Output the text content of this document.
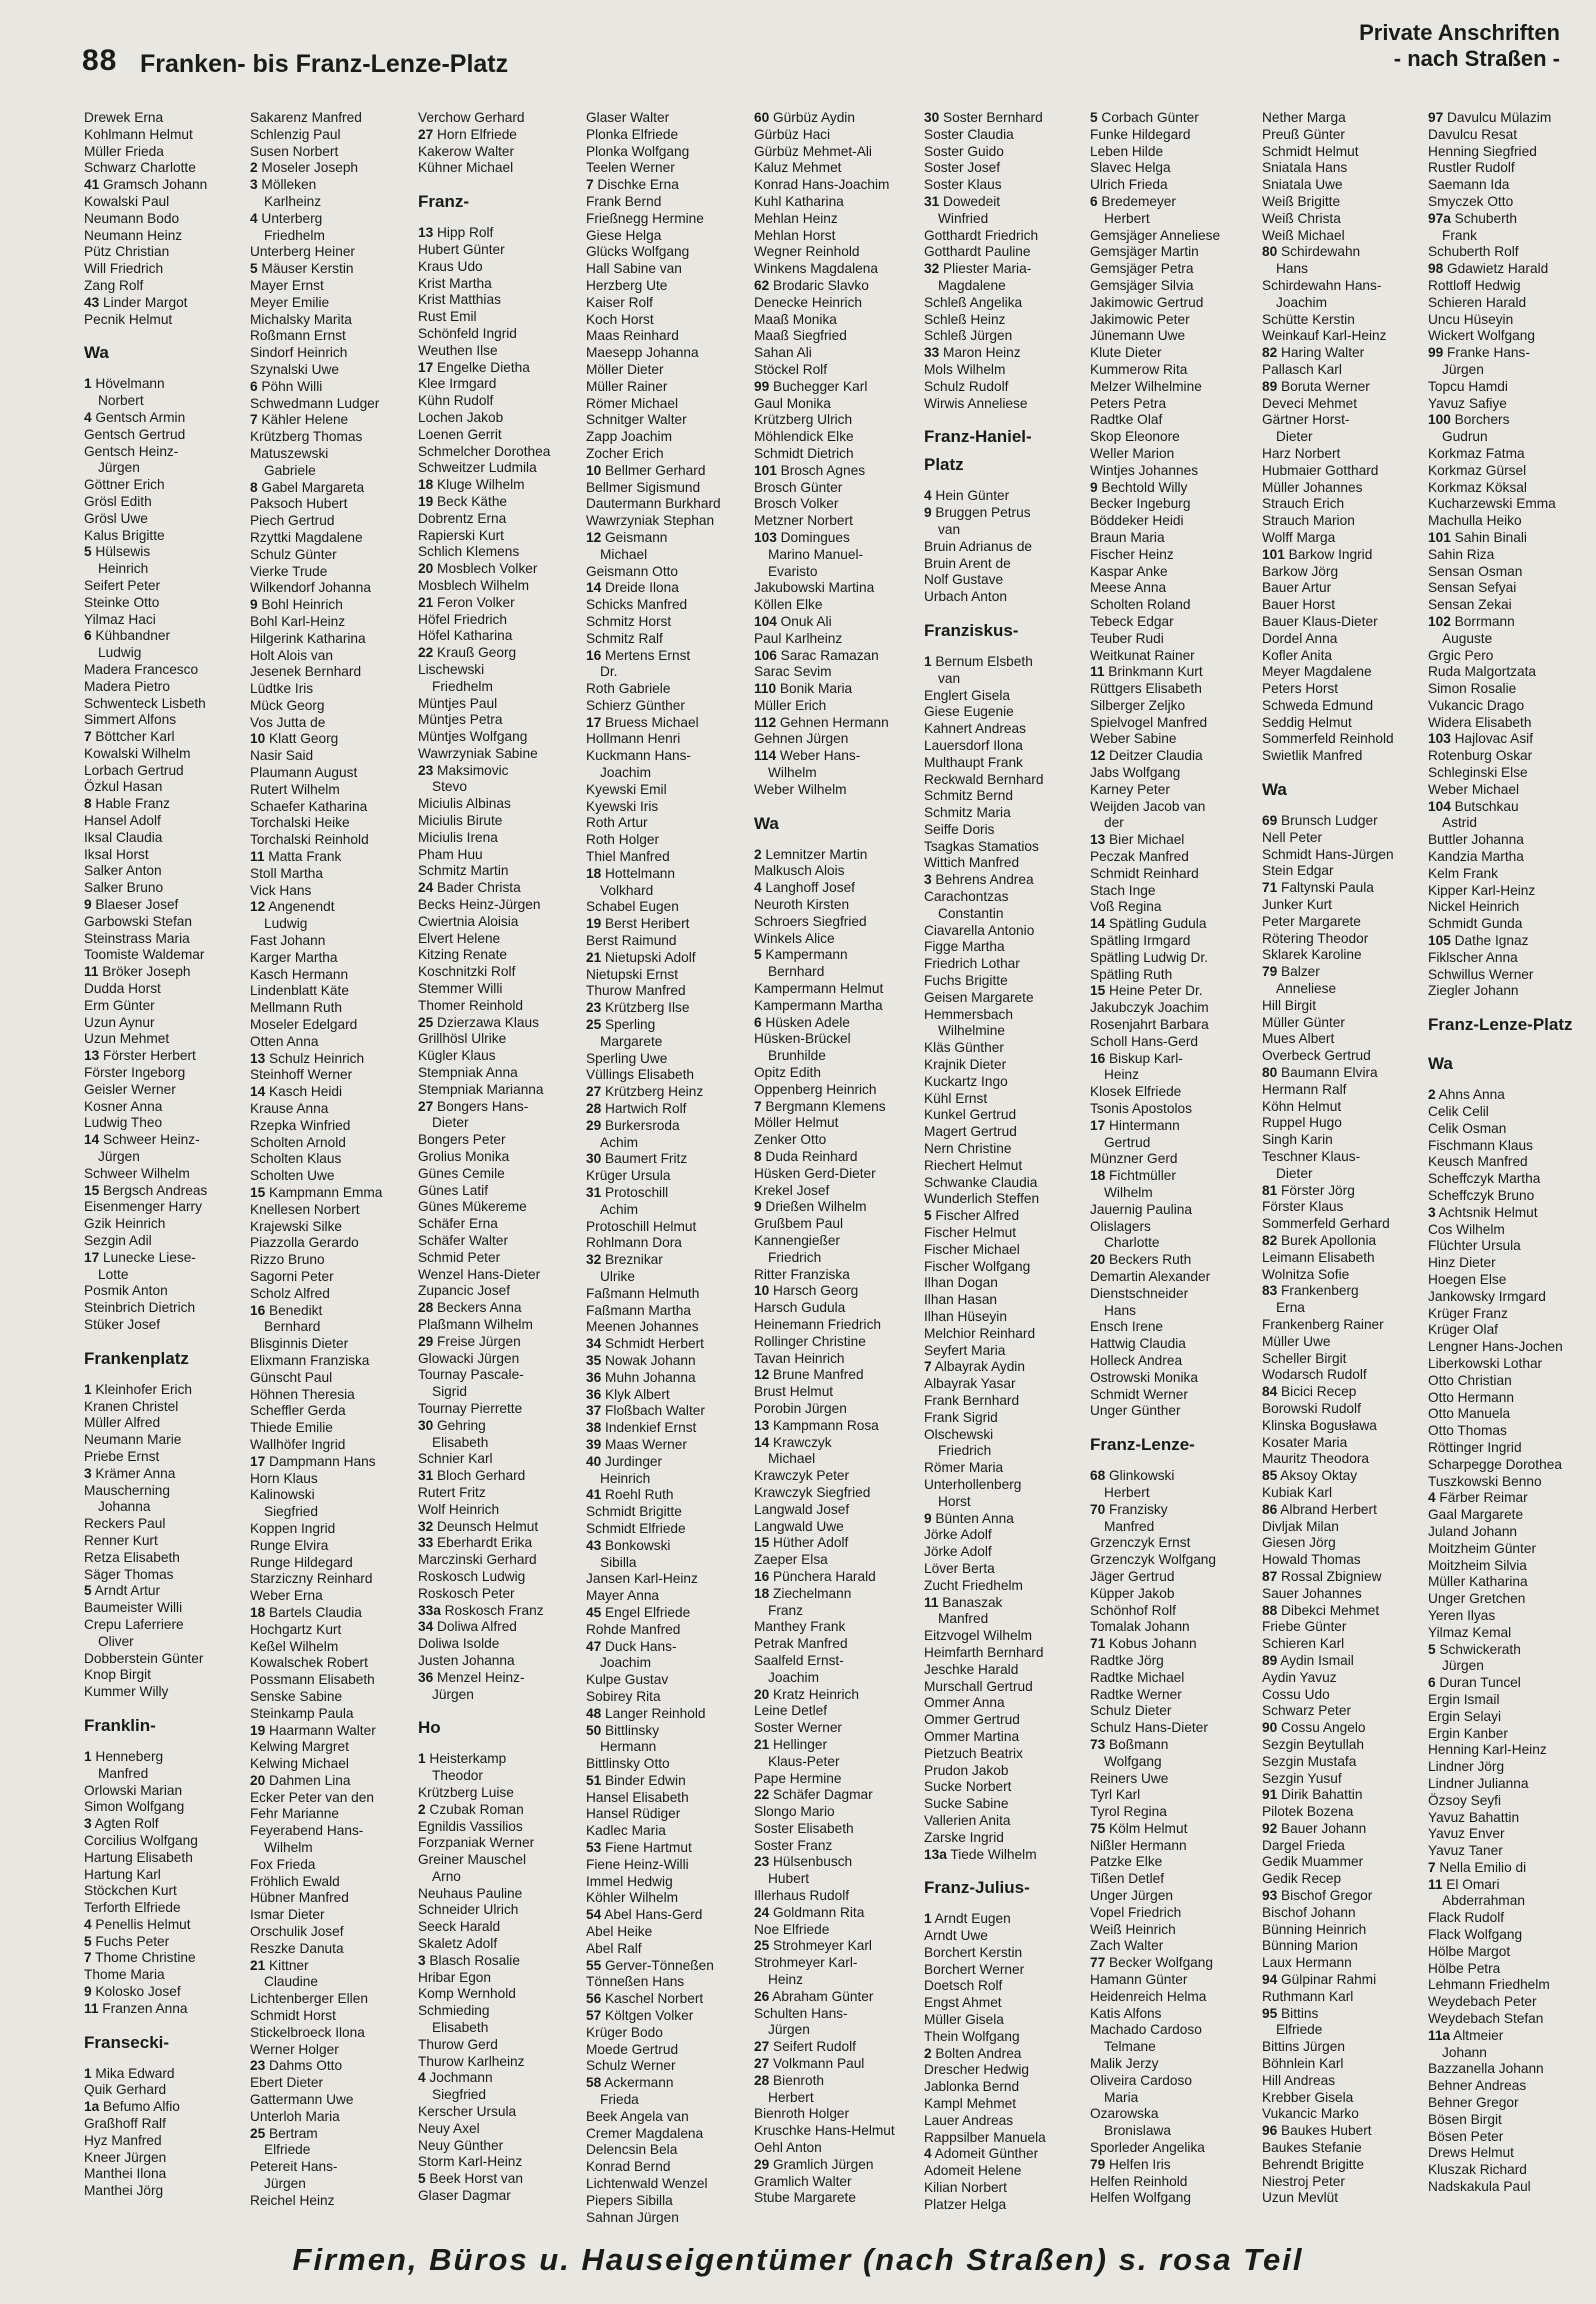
88 Franken- bis Franz-Lenze-Platz
Private Anschriften
- nach Straßen -
Drewek Erna
Kohlmann Helmut
Müller Frieda
Schwarz Charlotte
41 Gramsch Johann
Kowalski Paul
Neumann Bodo
Neumann Heinz
Pütz Christian
Will Friedrich
Zang Rolf
43 Linder Margot
Pecnik Helmut
Wa
1 Hövelmann
Norbert
4 Gentsch Armin
Gentsch Gertrud
Gentsch Heinz-
Jürgen
Göttner Erich
Grösl Edith
Grösl Uwe
Kalus Brigitte
5 Hülsewis
Heinrich
Seifert Peter
Steinke Otto
Yilmaz Haci
6 Kühbandner
Ludwig
Madera Francesco
Madera Pietro
Schwenteck Lisbeth
Simmert Alfons
7 Böttcher Karl
Kowalski Wilhelm
Lorbach Gertrud
Özkul Hasan
8 Hable Franz
Hansel Adolf
Iksal Claudia
Iksal Horst
Salker Anton
Salker Bruno
9 Blaeser Josef
Garbowski Stefan
Steinstrass Maria
Toomiste Waldemar
11 Bröker Joseph
Dudda Horst
Erm Günter
Uzun Aynur
Uzun Mehmet
13 Förster Herbert
Förster Ingeborg
Geisler Werner
Kosner Anna
Ludwig Theo
14 Schweer Heinz-
Jürgen
Schweer Wilhelm
15 Bergsch Andreas
Eisenmenger Harry
Gzik Heinrich
Sezgin Adil
17 Lunecke Liese-
Lotte
Posmik Anton
Steinbrich Dietrich
Stüker Josef
Frankenplatz
1 Kleinhofer Erich
Kranen Christel
Müller Alfred
Neumann Marie
Priebe Ernst
3 Krämer Anna
Mauscherning
Johanna
Reckers Paul
Renner Kurt
Retza Elisabeth
Säger Thomas
5 Arndt Artur
Baumeister Willi
Crepu Laferriere
Oliver
Dobberstein Günter
Knop Birgit
Kummer Willy
Franklin-
1 Henneberg
Manfred
Orlowski Marian
Simon Wolfgang
3 Agten Rolf
Corcilius Wolfgang
Hartung Elisabeth
Hartung Karl
Stöckchen Kurt
Terforth Elfriede
4 Penellis Helmut
5 Fuchs Peter
7 Thome Christine
Thome Maria
9 Kolosko Josef
11 Franzen Anna
Fransecki-
1 Mika Edward
Quik Gerhard
1a Befumo Alfio
Graßhoff Ralf
Hyz Manfred
Kneer Jürgen
Manthei Ilona
Manthei Jörg
Sakarenz Manfred
Schlenzig Paul
Susen Norbert
2 Moseler Joseph
3 Mölleken
Karlheinz
4 Unterberg
Friedhelm
Unterberg Heiner
5 Mäuser Kerstin
Mayer Ernst
Meyer Emilie
Michalsky Marita
Roßmann Ernst
Sindorf Heinrich
Szynalski Uwe
6 Pöhn Willi
Schwedmann Ludger
7 Kähler Helene
Krützberg Thomas
Matuszewski
Gabriele
8 Gabel Margareta
Paksoch Hubert
Piech Gertrud
Rzyttki Magdalene
Schulz Günter
Vierke Trude
Wilkendorf Johanna
9 Bohl Heinrich
Bohl Karl-Heinz
Hilgerink Katharina
Holt Alois van
Jesenek Bernhard
Lüdtke Iris
Mück Georg
Vos Jutta de
10 Klatt Georg
Nasir Said
Plaumann August
Rutert Wilhelm
Schaefer Katharina
Torchalski Heike
Torchalski Reinhold
11 Matta Frank
Stoll Martha
Vick Hans
12 Angenendt
Ludwig
Fast Johann
Karger Martha
Kasch Hermann
Lindenblatt Käte
Mellmann Ruth
Moseler Edelgard
Otten Anna
13 Schulz Heinrich
Steinhoff Werner
14 Kasch Heidi
Krause Anna
Rzepka Winfried
Scholten Arnold
Scholten Klaus
Scholten Uwe
15 Kampmann Emma
Knellesen Norbert
Krajewski Silke
Piazzolla Gerardo
Rizzo Bruno
Sagorni Peter
Scholz Alfred
16 Benedikt
Bernhard
Blisginnis Dieter
Elixmann Franziska
Günscht Paul
Höhnen Theresia
Scheffler Gerda
Thiede Emilie
Wallhöfer Ingrid
17 Dampmann Hans
Horn Klaus
Kalinowski
Siegfried
Koppen Ingrid
Runge Elvira
Runge Hildegard
Starziczny Reinhard
Weber Erna
18 Bartels Claudia
Hochgartz Kurt
Keßel Wilhelm
Kowalschek Robert
Possmann Elisabeth
Senske Sabine
Steinkamp Paula
19 Haarmann Walter
Kelwing Margret
Kelwing Michael
20 Dahmen Lina
Ecker Peter van den
Fehr Marianne
Feyerabend Hans-
Wilhelm
Fox Frieda
Fröhlich Ewald
Hübner Manfred
Ismar Dieter
Orschulik Josef
Reszke Danuta
21 Kittner
Claudine
Lichtenberger Ellen
Schmidt Horst
Stickelbroeck Ilona
Werner Holger
23 Dahms Otto
Ebert Dieter
Gattermann Uwe
Unterloh Maria
25 Bertram
Elfriede
Petereit Hans-
Jürgen
Reichel Heinz
Verchow Gerhard
27 Horn Elfriede
Kakerow Walter
Kühner Michael
Franz-
13 Hipp Rolf
Hubert Günter
Kraus Udo
Krist Martha
Krist Matthias
Rust Emil
Schönfeld Ingrid
Weuthen Ilse
17 Engelke Dietha
Klee Irmgard
Kühn Rudolf
Lochen Jakob
Loenen Gerrit
Schmelcher Dorothea
Schweitzer Ludmila
18 Kluge Wilhelm
19 Beck Käthe
Dobrentz Erna
Rapierski Kurt
Schlich Klemens
20 Mosblech Volker
Mosblech Wilhelm
21 Feron Volker
Höfel Friedrich
Höfel Katharina
22 Krauß Georg
Lischewski
Friedhelm
Müntjes Paul
Müntjes Petra
Müntjes Wolfgang
Wawrzyniak Sabine
23 Maksimovic
Stevo
Miciulis Albinas
Miciulis Birute
Miciulis Irena
Pham Huu
Schmitz Martin
24 Bader Christa
Becks Heinz-Jürgen
Cwiertnia Aloisia
Elvert Helene
Kitzing Renate
Koschnitzki Rolf
Stemmer Willi
Thomer Reinhold
25 Dzierzawa Klaus
Grillhösl Ulrike
Kügler Klaus
Stempniak Anna
Stempniak Marianna
27 Bongers Hans-
Dieter
Bongers Peter
Grolius Monika
Günes Cemile
Günes Latif
Günes Mükereme
Schäfer Erna
Schäfer Walter
Schmid Peter
Wenzel Hans-Dieter
Zupancic Josef
28 Beckers Anna
Plaßmann Wilhelm
29 Freise Jürgen
Glowacki Jürgen
Tournay Pascale-
Sigrid
Tournay Pierrette
30 Gehring
Elisabeth
Schnier Karl
31 Bloch Gerhard
Rutert Fritz
Wolf Heinrich
32 Deunsch Helmut
33 Eberhardt Erika
Marczinski Gerhard
Roskosch Ludwig
Roskosch Peter
33a Roskosch Franz
34 Doliwa Alfred
Doliwa Isolde
Justen Johanna
36 Menzel Heinz-
Jürgen
Ho
1 Heisterkamp
Theodor
Krützberg Luise
2 Czubak Roman
Egnildis Vassilios
Forzpaniak Werner
Greiner Mauschel
Arno
Neuhaus Pauline
Schneider Ulrich
Seeck Harald
Skaletz Adolf
3 Blasch Rosalie
Hribar Egon
Komp Wernhold
Schmieding
Elisabeth
Thurow Gerd
Thurow Karlheinz
4 Jochmann
Siegfried
Kerscher Ursula
Neuy Axel
Neuy Günther
Storm Karl-Heinz
5 Beek Horst van
Glaser Dagmar
Glaser Walter
Plonka Elfriede
Plonka Wolfgang
Teelen Werner
7 Dischke Erna
Frank Bernd
Frießnegg Hermine
Giese Helga
Glücks Wolfgang
Hall Sabine van
Herzberg Ute
Kaiser Rolf
Koch Horst
Maas Reinhard
Maesepp Johanna
Möller Dieter
Müller Rainer
Römer Michael
Schnitger Walter
Zapp Joachim
Zocher Erich
10 Bellmer Gerhard
Bellmer Sigismund
Dautermann Burkhard
Wawrzyniak Stephan
12 Geismann
Michael
Geismann Otto
14 Dreide Ilona
Schicks Manfred
Schmitz Horst
Schmitz Ralf
16 Mertens Ernst
Dr.
Roth Gabriele
Schierz Günther
17 Bruess Michael
Hollmann Henri
Kuckmann Hans-
Joachim
Kyewski Emil
Kyewski Iris
Roth Artur
Roth Holger
Thiel Manfred
18 Hottelmann
Volkhard
Schabel Eugen
19 Berst Heribert
Berst Raimund
21 Nietupski Adolf
Nietupski Ernst
Thurow Manfred
23 Krützberg Ilse
25 Sperling
Margarete
Sperling Uwe
Vüllings Elisabeth
27 Krützberg Heinz
28 Hartwich Rolf
29 Burkersroda
Achim
30 Baumert Fritz
Krüger Ursula
31 Protoschill
Achim
Protoschill Helmut
Rohlmann Dora
32 Breznikar
Ulrike
Faßmann Helmuth
Faßmann Martha
Meenen Johannes
34 Schmidt Herbert
35 Nowak Johann
36 Muhn Johanna
36 Klyk Albert
37 Floßbach Walter
38 Indenkief Ernst
39 Maas Werner
40 Jurdinger
Heinrich
41 Roehl Ruth
Schmidt Brigitte
Schmidt Elfriede
43 Bonkowski
Sibilla
Jansen Karl-Heinz
Mayer Anna
45 Engel Elfriede
Rohde Manfred
47 Duck Hans-
Joachim
Kulpe Gustav
Sobirey Rita
48 Langer Reinhold
50 Bittlinsky
Hermann
Bittlinsky Otto
51 Binder Edwin
Hansel Elisabeth
Hansel Rüdiger
Kadlec Maria
53 Fiene Hartmut
Fiene Heinz-Willi
Immel Hedwig
Köhler Wilhelm
54 Abel Hans-Gerd
Abel Heike
Abel Ralf
55 Gerver-Tönneßen
Tönneßen Hans
56 Kaschel Norbert
57 Költgen Volker
Krüger Bodo
Moede Gertrud
Schulz Werner
58 Ackermann
Frieda
Beek Angela van
Cremer Magdalena
Delencsin Bela
Konrad Bernd
Lichtenwald Wenzel
Piepers Sibilla
Sahnan Jürgen
60 Gürbüz Aydin
Gürbüz Haci
Gürbüz Mehmet-Ali
Kaluz Mehmet
Konrad Hans-Joachim
Kuhl Katharina
Mehlan Heinz
Mehlan Horst
Wegner Reinhold
Winkens Magdalena
62 Brodaric Slavko
Denecke Heinrich
Maaß Monika
Maaß Siegfried
Sahan Ali
Stöckel Rolf
99 Buchegger Karl
Gaul Monika
Krützberg Ulrich
Möhlendick Elke
Schmidt Dietrich
101 Brosch Agnes
Brosch Günter
Brosch Volker
Metzner Norbert
103 Domingues
Marino Manuel-
Evaristo
Jakubowski Martina
Köllen Elke
104 Onuk Ali
Paul Karlheinz
106 Sarac Ramazan
Sarac Sevim
110 Bonik Maria
Müller Erich
112 Gehnen Hermann
Gehnen Jürgen
114 Weber Hans-
Wilhelm
Weber Wilhelm
Wa
2 Lemnitzer Martin
Malkusch Alois
4 Langhoff Josef
Neuroth Kirsten
Schroers Siegfried
Winkels Alice
5 Kampermann
Bernhard
Kampermann Helmut
Kampermann Martha
6 Hüsken Adele
Hüsken-Brückel
Brunhilde
Opitz Edith
Oppenberg Heinrich
7 Bergmann Klemens
Möller Helmut
Zenker Otto
8 Duda Reinhard
Hüsken Gerd-Dieter
Krekel Josef
9 Drießen Wilhelm
Grußbem Paul
Kannengießer
Friedrich
Ritter Franziska
10 Harsch Georg
Harsch Gudula
Heinemann Friedrich
Rollinger Christine
Tavan Heinrich
12 Brune Manfred
Brust Helmut
Porobin Jürgen
13 Kampmann Rosa
14 Krawczyk
Michael
Krawczyk Peter
Krawczyk Siegfried
Langwald Josef
Langwald Uwe
15 Hüther Adolf
Zaeper Elsa
16 Pünchera Harald
18 Ziechelmann
Franz
Manthey Frank
Petrak Manfred
Saalfeld Ernst-
Joachim
20 Kratz Heinrich
Leine Detlef
Soster Werner
21 Hellinger
Klaus-Peter
Pape Hermine
22 Schäfer Dagmar
Slongo Mario
Soster Elisabeth
Soster Franz
23 Hülsenbusch
Hubert
Illerhaus Rudolf
24 Goldmann Rita
Noe Elfriede
25 Strohmeyer Karl
Strohmeyer Karl-
Heinz
26 Abraham Günter
Schulten Hans-
Jürgen
27 Seifert Rudolf
27 Volkmann Paul
28 Bienroth
Herbert
Bienroth Holger
Kruschke Hans-Helmut
Oehl Anton
29 Gramlich Jürgen
Gramlich Walter
Stube Margarete
30 Soster Bernhard
Soster Claudia
Soster Guido
Soster Josef
Soster Klaus
31 Dowedeit
Winfried
Gotthardt Friedrich
Gotthardt Pauline
32 Pliester Maria-
Magdalene
Schleß Angelika
Schleß Heinz
Schleß Jürgen
33 Maron Heinz
Mols Wilhelm
Schulz Rudolf
Wirwis Anneliese
Franz-Haniel-
Platz
4 Hein Günter
9 Bruggen Petrus
van
Bruin Adrianus de
Bruin Arent de
Nolf Gustave
Urbach Anton
Franziskus-
1 Bernum Elsbeth
van
Englert Gisela
Giese Eugenie
Kahnert Andreas
Lauersdorf Ilona
Multhaupt Frank
Reckwald Bernhard
Schmitz Bernd
Schmitz Maria
Seiffe Doris
Tsagkas Stamatios
Wittich Manfred
3 Behrens Andrea
Carachontzas
Constantin
Ciavarella Antonio
Figge Martha
Friedrich Lothar
Fuchs Brigitte
Geisen Margarete
Hemmersbach
Wilhelmine
Kläs Günther
Krajnik Dieter
Kuckartz Ingo
Kühl Ernst
Kunkel Gertrud
Magert Gertrud
Nern Christine
Riechert Helmut
Schwanke Claudia
Wunderlich Steffen
5 Fischer Alfred
Fischer Helmut
Fischer Michael
Fischer Wolfgang
Ilhan Dogan
Ilhan Hasan
Ilhan Hüseyin
Melchior Reinhard
Seyfert Maria
7 Albayrak Aydin
Albayrak Yasar
Frank Bernhard
Frank Sigrid
Olschewski
Friedrich
Römer Maria
Unterhollenberg
Horst
9 Bünten Anna
Jörke Adolf
Jörke Adolf
Löver Berta
Zucht Friedhelm
11 Banaszak
Manfred
Eitzvogel Wilhelm
Heimfarth Bernhard
Jeschke Harald
Murschall Gertrud
Ommer Anna
Ommer Gertrud
Ommer Martina
Pietzuch Beatrix
Prudon Jakob
Sucke Norbert
Sucke Sabine
Vallerien Anita
Zarske Ingrid
13a Tiede Wilhelm
Franz-Julius-
1 Arndt Eugen
Arndt Uwe
Borchert Kerstin
Borchert Werner
Doetsch Rolf
Engst Ahmet
Müller Gisela
Thein Wolfgang
2 Bolten Andrea
Drescher Hedwig
Jablonka Bernd
Kampl Mehmet
Lauer Andreas
Rappsilber Manuela
4 Adomeit Günther
Adomeit Helene
Kilian Norbert
Platzer Helga
5 Corbach Günter
Funke Hildegard
Leben Hilde
Slavec Helga
Ulrich Frieda
6 Bredemeyer
Herbert
Gemsjäger Anneliese
Gemsjäger Martin
Gemsjäger Petra
Gemsjäger Silvia
Jakimowic Gertrud
Jakimowic Peter
Jünemann Uwe
Klute Dieter
Kummerow Rita
Melzer Wilhelmine
Peters Petra
Radtke Olaf
Skop Eleonore
Weller Marion
Wintjes Johannes
9 Bechtold Willy
Becker Ingeburg
Böddeker Heidi
Braun Maria
Fischer Heinz
Kaspar Anke
Meese Anna
Scholten Roland
Tebeck Edgar
Teuber Rudi
Weitkunat Rainer
11 Brinkmann Kurt
Rüttgers Elisabeth
Silberger Zeljko
Spielvogel Manfred
Weber Sabine
12 Deitzer Claudia
Jabs Wolfgang
Karney Peter
Weijden Jacob van
der
13 Bier Michael
Peczak Manfred
Schmidt Reinhard
Stach Inge
Voß Regina
14 Spätling Gudula
Spätling Irmgard
Spätling Ludwig Dr.
Spätling Ruth
15 Heine Peter Dr.
Jakubczyk Joachim
Rosenjahrt Barbara
Scholl Hans-Gerd
16 Biskup Karl-
Heinz
Klosek Elfriede
Tsonis Apostolos
17 Hintermann
Gertrud
Münzner Gerd
18 Fichtmüller
Wilhelm
Jauernig Paulina
Olislagers
Charlotte
20 Beckers Ruth
Demartin Alexander
Dienstschneider
Hans
Ensch Irene
Hattwig Claudia
Holleck Andrea
Ostrowski Monika
Schmidt Werner
Unger Günther
Franz-Lenze-
68 Glinkowski
Herbert
70 Franzisky
Manfred
Grzenczyk Ernst
Grzenczyk Wolfgang
Jäger Gertrud
Küpper Jakob
Schönhof Rolf
Tomalak Johann
71 Kobus Johann
Radtke Jörg
Radtke Michael
Radtke Werner
Schulz Dieter
Schulz Hans-Dieter
73 Boßmann
Wolfgang
Reiners Uwe
Tyrl Karl
Tyrol Regina
75 Kölm Helmut
Nißler Hermann
Patzke Elke
Tißen Detlef
Unger Jürgen
Vopel Friedrich
Weiß Heinrich
Zach Walter
77 Becker Wolfgang
Hamann Günter
Heidenreich Helma
Katis Alfons
Machado Cardoso
Telmane
Malik Jerzy
Oliveira Cardoso
Maria
Ozarowska
Bronislawa
Sporleder Angelika
79 Helfen Iris
Helfen Reinhold
Helfen Wolfgang
Nether Marga
Preuß Günter
Schmidt Helmut
Sniatala Hans
Sniatala Uwe
Weiß Brigitte
Weiß Christa
Weiß Michael
80 Schirdewahn
Hans
Schirdewahn Hans-
Joachim
Schütte Kerstin
Weinkauf Karl-Heinz
82 Haring Walter
Pallasch Karl
89 Boruta Werner
Deveci Mehmet
Gärtner Horst-
Dieter
Harz Norbert
Hubmaier Gotthard
Müller Johannes
Strauch Erich
Strauch Marion
Wolff Marga
101 Barkow Ingrid
Barkow Jörg
Bauer Artur
Bauer Horst
Bauer Klaus-Dieter
Dordel Anna
Kofler Anita
Meyer Magdalene
Peters Horst
Schweda Edmund
Seddig Helmut
Sommerfeld Reinhold
Swietlik Manfred
Wa
69 Brunsch Ludger
Nell Peter
Schmidt Hans-Jürgen
Stein Edgar
71 Faltynski Paula
Junker Kurt
Peter Margarete
Rötering Theodor
Sklarek Karoline
79 Balzer
Anneliese
Hill Birgit
Müller Günter
Mues Albert
Overbeck Gertrud
80 Baumann Elvira
Hermann Ralf
Köhn Helmut
Ruppel Hugo
Singh Karin
Teschner Klaus-
Dieter
81 Förster Jörg
Förster Klaus
Sommerfeld Gerhard
82 Burek Apollonia
Leimann Elisabeth
Wolnitza Sofie
83 Frankenberg
Erna
Frankenberg Rainer
Müller Uwe
Scheller Birgit
Wodarsch Rudolf
84 Bicici Recep
Borowski Rudolf
Klinska Bogusława
Kosater Maria
Mauritz Theodora
85 Aksoy Oktay
Kubiak Karl
86 Albrand Herbert
Divljak Milan
Giesen Jörg
Howald Thomas
87 Rossal Zbigniew
Sauer Johannes
88 Dibekci Mehmet
Friebe Günter
Schieren Karl
89 Aydin Ismail
Aydin Yavuz
Cossu Udo
Schwarz Peter
90 Cossu Angelo
Sezgin Beytullah
Sezgin Mustafa
Sezgin Yusuf
91 Dirik Bahattin
Pilotek Bozena
92 Bauer Johann
Dargel Frieda
Gedik Muammer
Gedik Recep
93 Bischof Gregor
Bischof Johann
Bünning Heinrich
Bünning Marion
Laux Hermann
94 Gülpinar Rahmi
Ruthmann Karl
95 Bittins
Elfriede
Bittins Jürgen
Böhnlein Karl
Hill Andreas
Krebber Gisela
Vukancic Marko
96 Baukes Hubert
Baukes Stefanie
Behrendt Brigitte
Niestroj Peter
Uzun Mevlüt
97 Davulcu Mülazim
Davulcu Resat
Henning Siegfried
Rustler Rudolf
Saemann Ida
Smyczek Otto
97a Schuberth
Frank
Schuberth Rolf
98 Gdawietz Harald
Rottloff Hedwig
Schieren Harald
Uncu Hüseyin
Wickert Wolfgang
99 Franke Hans-
Jürgen
Topcu Hamdi
Yavuz Safiye
100 Borchers
Gudrun
Korkmaz Fatma
Korkmaz Gürsel
Korkmaz Köksal
Kucharzewski Emma
Machulla Heiko
101 Sahin Binali
Sahin Riza
Sensan Osman
Sensan Sefyai
Sensan Zekai
102 Borrmann
Auguste
Grgic Pero
Ruda Malgortzata
Simon Rosalie
Vukancic Drago
Widera Elisabeth
103 Hajlovac Asif
Rotenburg Oskar
Schleginski Else
Weber Michael
104 Butschkau
Astrid
Buttler Johanna
Kandzia Martha
Kelm Frank
Kipper Karl-Heinz
Nickel Heinrich
Schmidt Gunda
105 Dathe Ignaz
Fiklscher Anna
Schwillus Werner
Ziegler Johann
Franz-Lenze-Platz
Wa
2 Ahns Anna
Celik Celil
Celik Osman
Fischmann Klaus
Keusch Manfred
Scheffczyk Martha
Scheffczyk Bruno
3 Achtsnik Helmut
Cos Wilhelm
Flüchter Ursula
Hinz Dieter
Hoegen Else
Jankowsky Irmgard
Krüger Franz
Krüger Olaf
Lengner Hans-Jochen
Liberkowski Lothar
Otto Christian
Otto Hermann
Otto Manuela
Otto Thomas
Röttinger Ingrid
Scharpegge Dorothea
Tuszkowski Benno
4 Färber Reimar
Gaal Margarete
Juland Johann
Moitzheim Günter
Moitzheim Silvia
Müller Katharina
Unger Gretchen
Yeren Ilyas
Yilmaz Kemal
5 Schwickerath
Jürgen
6 Duran Tuncel
Ergin Ismail
Ergin Selayi
Ergin Kanber
Henning Karl-Heinz
Lindner Jörg
Lindner Julianna
Özsoy Seyfi
Yavuz Bahattin
Yavuz Enver
Yavuz Taner
7 Nella Emilio di
11 El Omari
Abderrahman
Flack Rudolf
Flack Wolfgang
Hölbe Margot
Hölbe Petra
Lehmann Friedhelm
Weydebach Peter
Weydebach Stefan
11a Altmeier
Johann
Bazzanella Johann
Behner Andreas
Behner Gregor
Bösen Birgit
Bösen Peter
Drews Helmut
Kluszak Richard
Nadskakula Paul
Firmen, Büros u. Hauseigentümer (nach Straßen) s. rosa Teil
